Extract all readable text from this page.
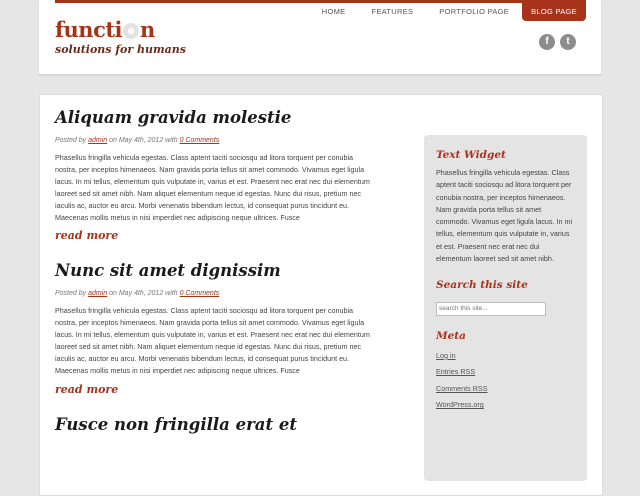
functi n
solutions for humans
HOME	FEATURES	PORTFOLIO PAGE	BLOG PAGE
f	t
Aliquam gravida molestie
Posted by admin on May 4th, 2012 with 0 Comments

Phasellus fringilla vehicula egestas. Class aptent taciti sociosqu ad litora torquent per conubia nostra, per inceptos himenaeos. Nam gravida porta tellus sit amet commodo. Vivamus eget ligula lacus. In mi tellus, elementum quis vulputate in, varius et est. Praesent nec erat nec dui elementum laoreet sed sit amet nibh. Nam aliquet elementum neque id egestas. Nunc dui risus, pretium nec iaculis ac, auctor eu arcu. Morbi venenatis bibendum lectus, id consequat purus tincidunt eu. Maecenas mollis metus in nisi imperdiet nec adipiscing neque ultrices. Fusce

read more
Nunc sit amet dignissim
Posted by admin on May 4th, 2012 with 0 Comments

Phasellus fringilla vehicula egestas. Class aptent taciti sociosqu ad litora torquent per conubia nostra, per inceptos himenaeos. Nam gravida porta tellus sit amet commodo. Vivamus eget ligula lacus. In mi tellus, elementum quis vulputate in, varius et est. Praesent nec erat nec dui elementum laoreet sed sit amet nibh. Nam aliquet elementum neque id egestas. Nunc dui risus, pretium nec iaculis ac, auctor eu arcu. Morbi venenatis bibendum lectus, id consequat purus tincidunt eu. Maecenas mollis metus in nisi imperdiet nec adipiscing neque ultrices. Fusce

read more
Fusce non fringilla erat et
Text Widget

Phasellus fringilla vehicula egestas. Class aptent taciti sociosqu ad litora torquent per conubia nostra, per inceptos himenaeos. Nam gravida porta tellus sit amet commodo. Vivamus eget ligula lacus. In mi tellus, elementum quis vulputate in, varius et est. Praesent nec erat nec dui elementum laoreet sed sit amet nibh.

Search this site
search this site...
Meta
Log in
Entries RSS
Comments RSS
WordPress.org
